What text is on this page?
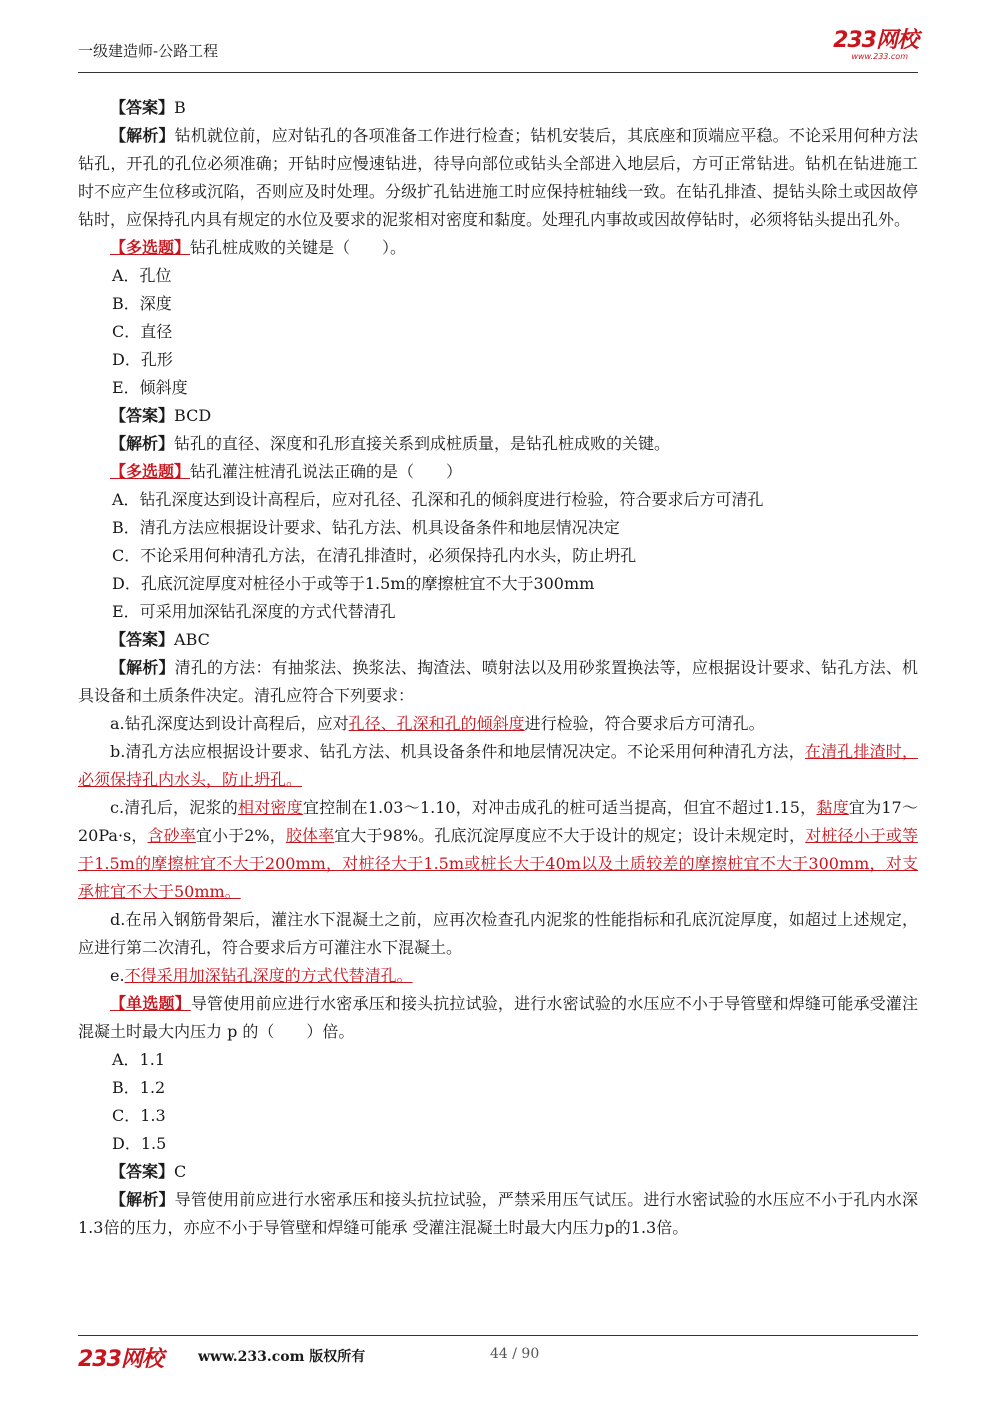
一级建造师-公路工程	233网校
www.233.com

【答案】B

【解析】钻机就位前，应对钻孔的各项准备工作进行检查；钻机安装后，其底座和顶端应平稳。不论采用何种方法钻孔，开孔的孔位必须准确；开钻时应慢速钻进，待导向部位或钻头全部进入地层后，方可正常钻进。钻机在钻进施工时不应产生位移或沉陷，否则应及时处理。分级扩孔钻进施工时应保持桩轴线一致。在钻孔排渣、提钻头除土或因故停钻时，应保持孔内具有规定的水位及要求的泥浆相对密度和黏度。处理孔内事故或因故停钻时，必须将钻头提出孔外。

【多选题】钻孔桩成败的关键是（　　）。

A．孔位

B．深度

C．直径

D．孔形

E．倾斜度

【答案】BCD

【解析】钻孔的直径、深度和孔形直接关系到成桩质量，是钻孔桩成败的关键。

【多选题】钻孔灌注桩清孔说法正确的是（　　）

A．钻孔深度达到设计高程后，应对孔径、孔深和孔的倾斜度进行检验，符合要求后方可清孔

B．清孔方法应根据设计要求、钻孔方法、机具设备条件和地层情况决定

C．不论采用何种清孔方法，在清孔排渣时，必须保持孔内水头，防止坍孔

D．孔底沉淀厚度对桩径小于或等于1.5m的摩擦桩宜不大于300mm

E．可采用加深钻孔深度的方式代替清孔

【答案】ABC

【解析】清孔的方法：有抽浆法、换浆法、掏渣法、喷射法以及用砂浆置换法等，应根据设计要求、钻孔方法、机具设备和土质条件决定。清孔应符合下列要求：

a.钻孔深度达到设计高程后，应对孔径、孔深和孔的倾斜度进行检验，符合要求后方可清孔。

b.清孔方法应根据设计要求、钻孔方法、机具设备条件和地层情况决定。不论采用何种清孔方法，在清孔排渣时，必须保持孔内水头，防止坍孔。

c.清孔后，泥浆的相对密度宜控制在1.03～1.10，对冲击成孔的桩可适当提高，但宜不超过1.15，黏度宜为17～20Pa·s，含砂率宜小于2%，胶体率宜大于98%。孔底沉淀厚度应不大于设计的规定；设计未规定时，对桩径小于或等于1.5m的摩擦桩宜不大于200mm，对桩径大于1.5m或桩长大于40m以及土质较差的摩擦桩宜不大于300mm，对支承桩宜不大于50mm。

d.在吊入钢筋骨架后，灌注水下混凝土之前，应再次检查孔内泥浆的性能指标和孔底沉淀厚度，如超过上述规定，应进行第二次清孔，符合要求后方可灌注水下混凝土。

e.不得采用加深钻孔深度的方式代替清孔。

【单选题】导管使用前应进行水密承压和接头抗拉试验，进行水密试验的水压应不小于导管壁和焊缝可能承受灌注混凝土时最大内压力 p 的（　　）倍。

A．1.1

B．1.2

C．1.3

D．1.5

【答案】C

【解析】导管使用前应进行水密承压和接头抗拉试验，严禁采用压气试压。进行水密试验的水压应不小于孔内水深1.3倍的压力，亦应不小于导管壁和焊缝可能承 受灌注混凝土时最大内压力p的1.3倍。

233网校	www.233.com 版权所有	44 / 90
